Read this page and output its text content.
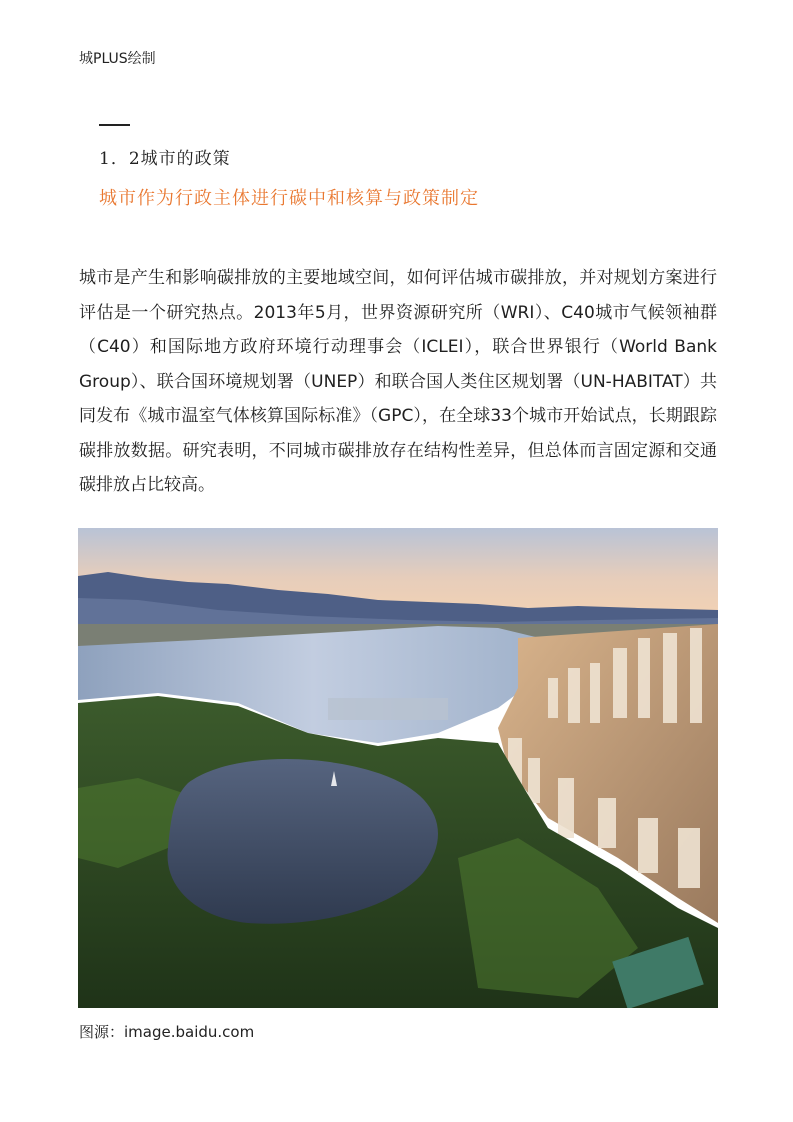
城PLUS绘制
1．2城市的政策
城市作为行政主体进行碳中和核算与政策制定

城市是产生和影响碳排放的主要地域空间，如何评估城市碳排放，并对规划方案进行评估是一个研究热点。2013年5月，世界资源研究所（WRI）、C40城市气候领袖群（C40）和国际地方政府环境行动理事会（ICLEI），联合世界银行（World Bank Group）、联合国环境规划署（UNEP）和联合国人类住区规划署（UN-HABITAT）共同发布《城市温室气体核算国际标准》（GPC），在全球33个城市开始试点，长期跟踪碳排放数据。研究表明，不同城市碳排放存在结构性差异，但总体而言固定源和交通碳排放占比较高。

图源：image.baidu.com
